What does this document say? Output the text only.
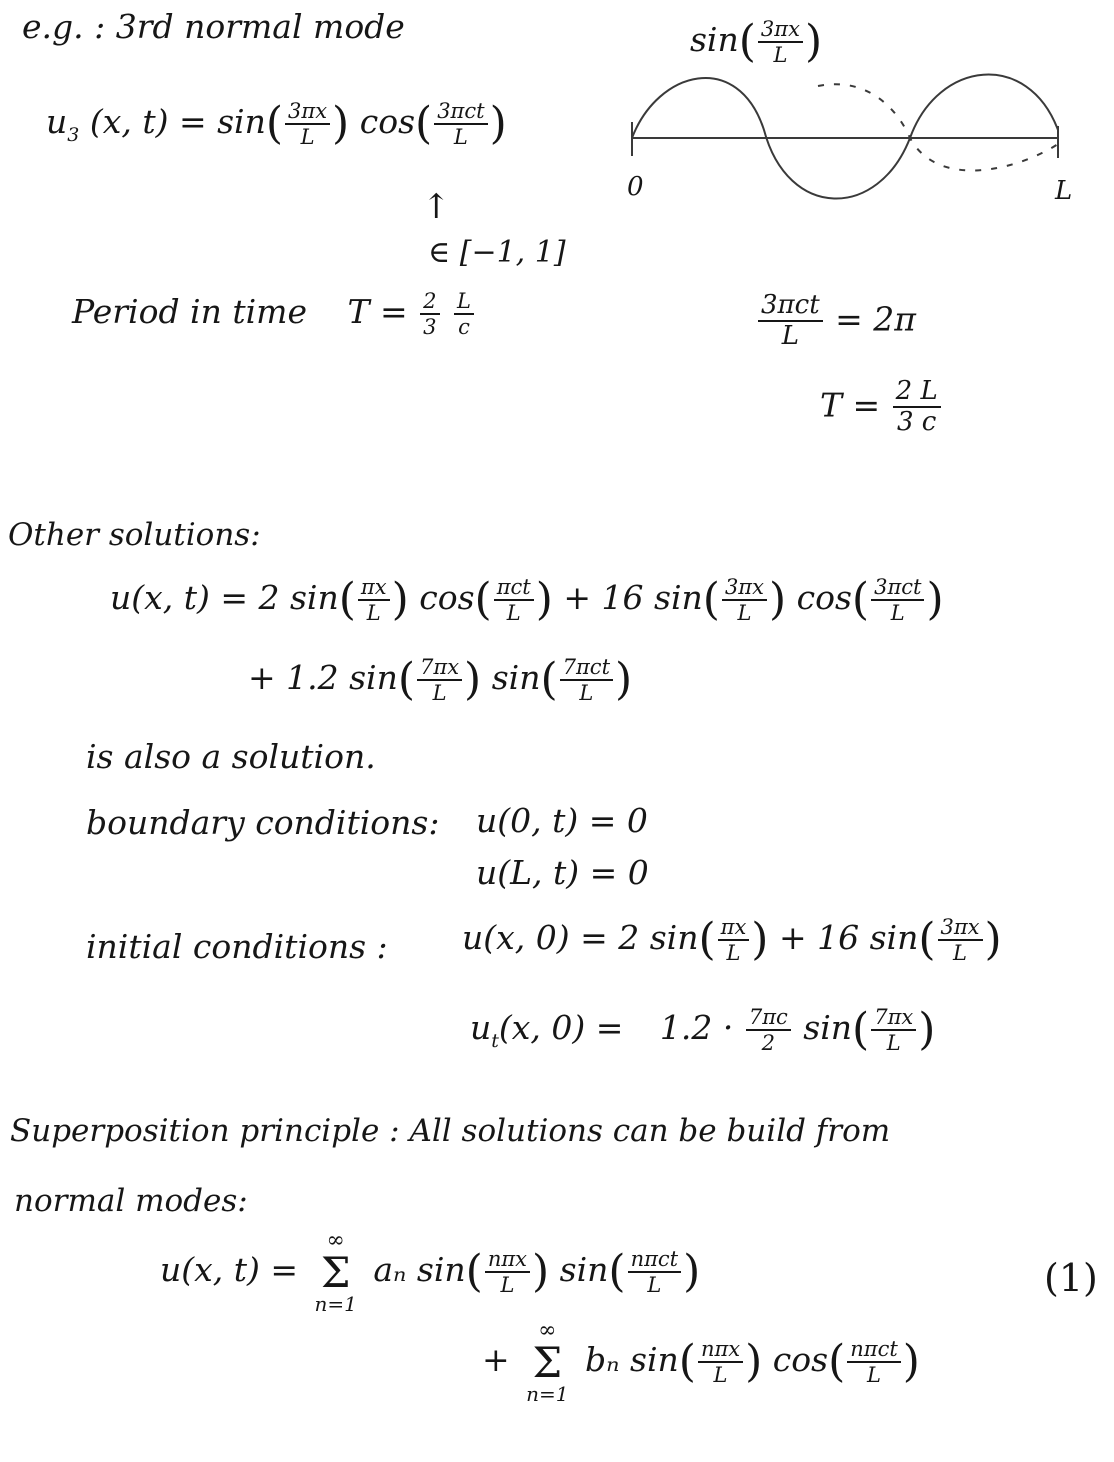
e.g. : 3rd normal mode
$u_3$ (x, $t) = \sin( \frac{3\pi x}{L}$ ) $\cos( \frac{\text{3πct}}{L}$ )
↑
∈ [−1, 1]
Period in time $T = \frac{2}{3}$
$\frac{L}{c}$
$\sin( \frac{3\pi x}{L}$ )
0	L
$\frac{\text{3πct}}{L} = 2\pi$
$T = \frac{2 L}{3 c}$
Other solutions:
u(x, t) = 2 $\sin( \frac{\pi x}{L}$ ) $\cos( \frac{\text{πct}}{L}$ ) + 16 $\sin( \frac{3\pi x}{L}$ ) $\cos( \frac{\text{3πct}}{L}$ )
+ 1.2 $\sin( \frac{7\pi x}{L}$ ) $\sin( \frac{\text{7πct}}{L}$ )
is also a solution.
boundary conditions: u(0, t) = 0
u(L, t) = 0
initial conditions : u(x, 0) = 2 $\sin( \frac{\pi x}{L}$ ) + 16 $\sin( \frac{3\pi x}{L}$ )
$u_t(x$, $0) = 1.2 \cdot \frac{7\pi c}{2} \sin( \frac{7\pi x}{L}$ )
Superposition principle : All solutions can be build from
normal modes:
u(x, t) =
∞
Σ
n=1
aₙ $\sin( \frac{\text{nπx}}{L}$ ) $\sin( \frac{\text{nπct}}{L}$ )	(1)
+
∞
Σ
n=1
bₙ $\sin( \frac{\text{nπx}}{L}$ ) $\cos( \frac{\text{nπct}}{L}$ )
